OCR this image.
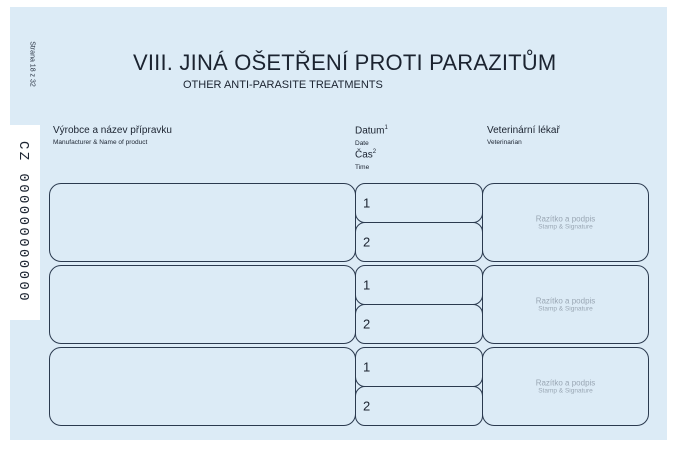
Strana 18 z 32
CZ 000000000000
VIII. JINÁ OŠETŘENÍ PROTI PARAZITŮM
OTHER ANTI-PARASITE TREATMENTS
Výrobce a název přípravku
Manufacturer & Name of product
Datum$^1$
Date
Čas$^2$
Time
Veterinární lékař
Veterinarian
1
2
Razítko a podpis
Stamp & Signature
1
2
Razítko a podpis
Stamp & Signature
1
2
Razítko a podpis
Stamp & Signature
